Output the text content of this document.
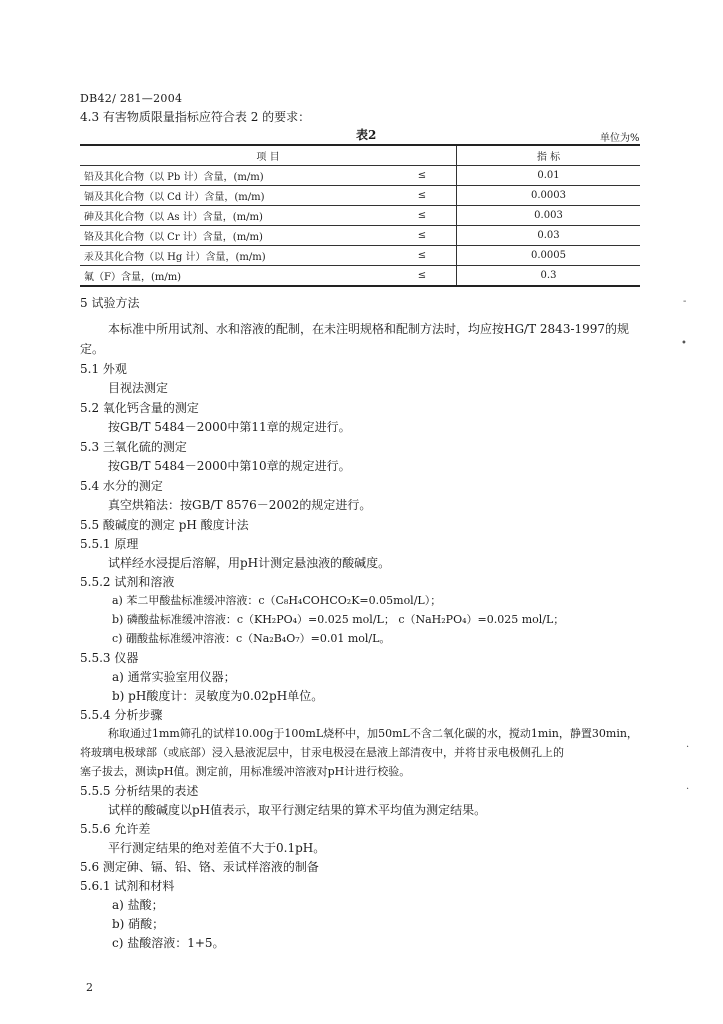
DB42/ 281—2004
4.3 有害物质限量指标应符合表 2 的要求：
表2	单位为%
项 目		指 标
铅及其化合物（以 Pb 计）含量，(m/m)	≤	0.01
镉及其化合物（以 Cd 计）含量，(m/m)	≤	0.0003
砷及其化合物（以 As 计）含量，(m/m)	≤	0.003
铬及其化合物（以 Cr 计）含量，(m/m)	≤	0.03
汞及其化合物（以 Hg 计）含量，(m/m)	≤	0.0005
氟（F）含量，(m/m)	≤	0.3
5 试验方法
本标准中所用试剂、水和溶液的配制，在未注明规格和配制方法时，均应按HG/T 2843-1997的规
定。
5.1 外观
目视法测定
5.2 氧化钙含量的测定
按GB/T 5484－2000中第11章的规定进行。
5.3 三氧化硫的测定
按GB/T 5484－2000中第10章的规定进行。
5.4 水分的测定
真空烘箱法：按GB/T 8576－2002的规定进行。
5.5 酸碱度的测定 pH 酸度计法
5.5.1 原理
试样经水浸提后溶解，用pH计测定悬浊液的酸碱度。
5.5.2 试剂和溶液
a) 苯二甲酸盐标准缓冲溶液：c（C₈H₄COHCO₂K=0.05mol/L）；
b) 磷酸盐标准缓冲溶液：c（KH₂PO₄）=0.025 mol/L； c（NaH₂PO₄）=0.025 mol/L；
c) 硼酸盐标准缓冲溶液：c（Na₂B₄O₇）=0.01 mol/L。
5.5.3 仪器
a) 通常实验室用仪器；
b) pH酸度计：灵敏度为0.02pH单位。
5.5.4 分析步骤
称取通过1mm筛孔的试样10.00g于100mL烧杯中，加50mL不含二氧化碳的水，搅动1min，静置30min，
将玻璃电极球部（或底部）浸入悬液泥层中，甘汞电极浸在悬液上部清夜中，并将甘汞电极侧孔上的
塞子拔去，测读pH值。测定前，用标准缓冲溶液对pH计进行校验。
5.5.5 分析结果的表述
试样的酸碱度以pH值表示，取平行测定结果的算术平均值为测定结果。
5.5.6 允许差
平行测定结果的绝对差值不大于0.1pH。
5.6 测定砷、镉、铅、铬、汞试样溶液的制备
5.6.1 试剂和材料
a) 盐酸；
b) 硝酸；
c) 盐酸溶液：1+5。
2
-
•
·
·
